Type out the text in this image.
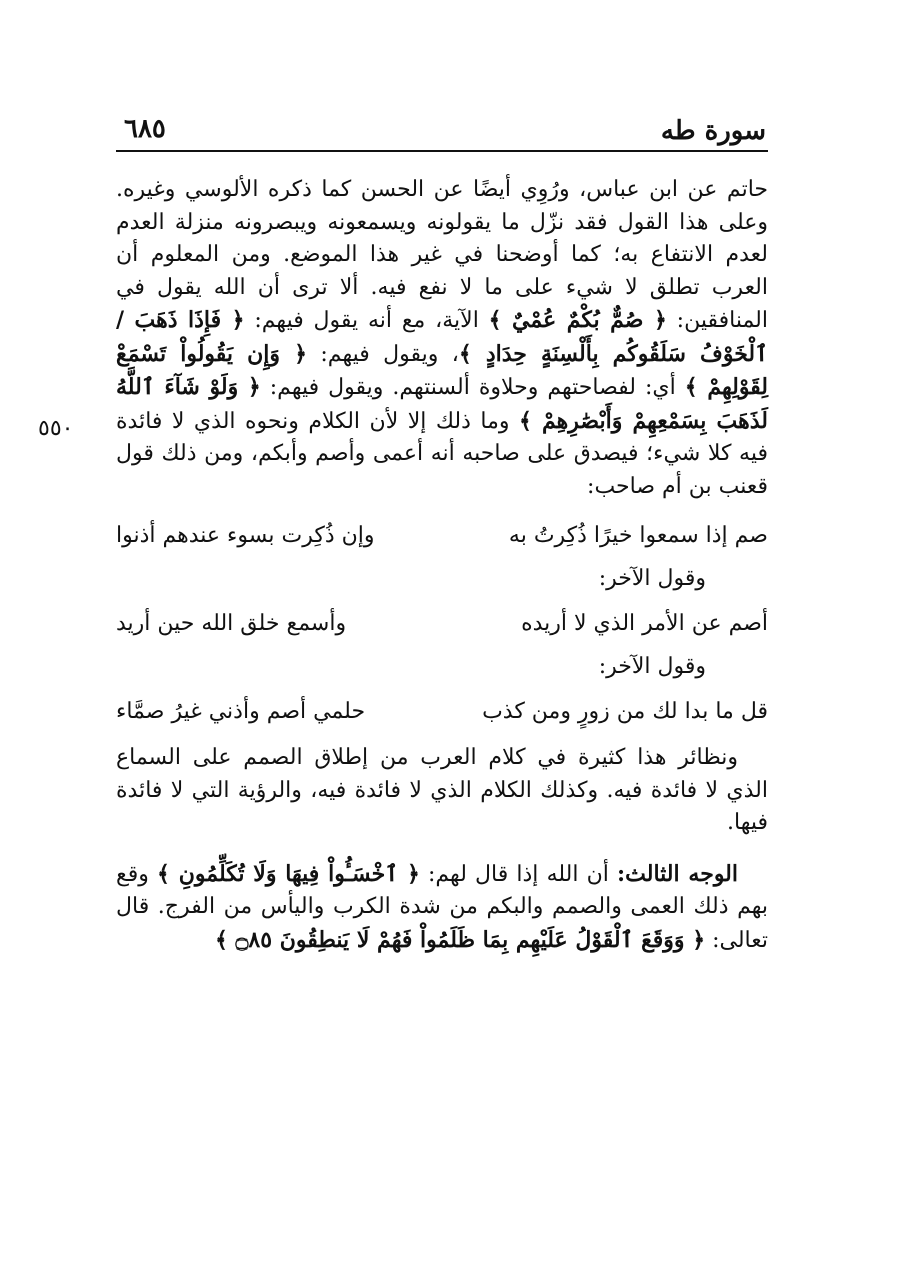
٥٥٠
سورة طه
٦٨٥

حاتم عن ابن عباس، ورُوِي أيضًا عن الحسن كما ذكره الألوسي وغيره. وعلى هذا القول فقد نزّل ما يقولونه ويسمعونه ويبصرونه منزلة العدم لعدم الانتفاع به؛ كما أوضحنا في غير هذا الموضع. ومن المعلوم أن العرب تطلق لا شيء على ما لا نفع فيه. ألا ترى أن الله يقول في المنافقين: ﴿ صُمٌّ بُكْمٌ عُمْيٌ ﴾ الآية، مع أنه يقول فيهم: ﴿ فَإِذَا ذَهَبَ / ٱلْخَوْفُ سَلَقُوكُم بِأَلْسِنَةٍ حِدَادٍ ﴾، ويقول فيهم: ﴿ وَإِن يَقُولُواْ تَسْمَعْ لِقَوْلِهِمْ ﴾ أي: لفصاحتهم وحلاوة ألسنتهم. ويقول فيهم: ﴿ وَلَوْ شَآءَ ٱللَّهُ لَذَهَبَ بِسَمْعِهِمْ وَأَبْصَٰرِهِمْ ﴾ وما ذلك إلا لأن الكلام ونحوه الذي لا فائدة فيه كلا شيء؛ فيصدق على صاحبه أنه أعمى وأصم وأبكم، ومن ذلك قول قعنب بن أم صاحب:

صم إذا سمعوا خيرًا ذُكِرتُ به
وإن ذُكِرت بسوء عندهم أذنوا
وقول الآخر:
أصم عن الأمر الذي لا أريده
وأسمع خلق الله حين أريد
وقول الآخر:
قل ما بدا لك من زورٍ ومن كذب
حلمي أصم وأذني غيرُ صمَّاء

ونظائر هذا كثيرة في كلام العرب من إطلاق الصمم على السماع الذي لا فائدة فيه. وكذلك الكلام الذي لا فائدة فيه، والرؤية التي لا فائدة فيها.

الوجه الثالث: أن الله إذا قال لهم: ﴿ ٱخْسَـُٔواْ فِيهَا وَلَا تُكَلِّمُونِ ﴾ وقع بهم ذلك العمى والصمم والبكم من شدة الكرب واليأس من الفرج. قال تعالى: ﴿ وَوَقَعَ ٱلْقَوْلُ عَلَيْهِم بِمَا ظَلَمُواْ فَهُمْ لَا يَنطِقُونَ ۝٨٥ ﴾
